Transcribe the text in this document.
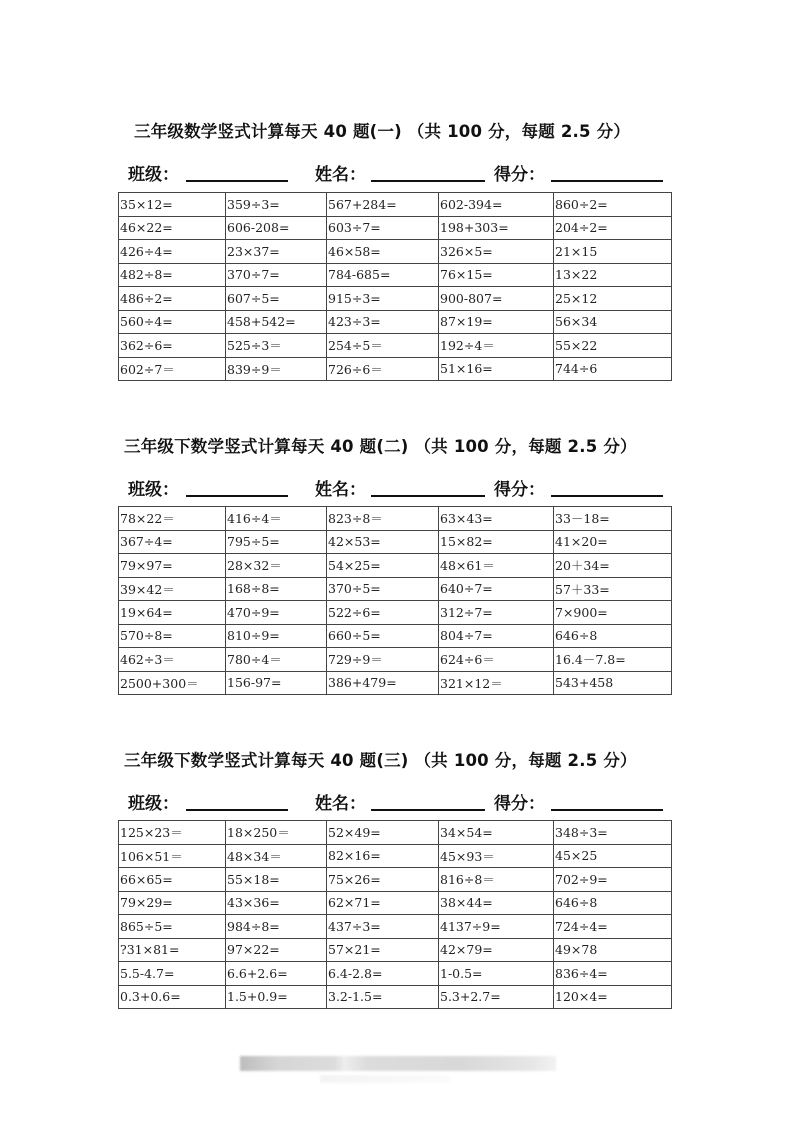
三年级数学竖式计算每天 40 题(一) （共 100 分，每题 2.5 分）
班级：	姓名：	得分：
35×12=	359÷3=	567+284=	602-394=	860÷2=
46×22=	606-208=	603÷7=	198+303=	204÷2=
426÷4=	23×37=	46×58=	326×5=	21×15
482÷8=	370÷7=	784-685=	76×15=	13×22
486÷2=	607÷5=	915÷3=	900-807=	25×12
560÷4=	458+542=	423÷3=	87×19=	56×34
362÷6=	525÷3＝	254÷5＝	192÷4＝	55×22
602÷7＝	839÷9＝	726÷6＝	51×16=	744÷6
三年级下数学竖式计算每天 40 题(二) （共 100 分，每题 2.5 分）
班级：	姓名：	得分：
78×22＝	416÷4＝	823÷8＝	63×43=	33－18=
367÷4=	795÷5=	42×53=	15×82=	41×20=
79×97=	28×32＝	54×25=	48×61＝	20＋34=
39×42＝	168÷8=	370÷5=	640÷7=	57＋33=
19×64=	470÷9=	522÷6=	312÷7=	7×900=
570÷8=	810÷9=	660÷5=	804÷7=	646÷8
462÷3＝	780÷4＝	729÷9＝	624÷6＝	16.4－7.8=
2500+300＝	156-97=	386+479=	321×12＝	543+458
三年级下数学竖式计算每天 40 题(三) （共 100 分，每题 2.5 分）
班级：	姓名：	得分：
125×23＝	18×250＝	52×49=	34×54=	348÷3=
106×51＝	48×34＝	82×16=	45×93＝	45×25
66×65=	55×18=	75×26=	816÷8＝	702÷9=
79×29=	43×36=	62×71=	38×44=	646÷8
865÷5=	984÷8=	437÷3=	4137÷9=	724÷4=
?31×81=	97×22=	57×21=	42×79=	49×78
5.5-4.7=	6.6+2.6=	6.4-2.8=	1-0.5=	836÷4=
0.3+0.6=	1.5+0.9=	3.2-1.5=	5.3+2.7=	120×4=
